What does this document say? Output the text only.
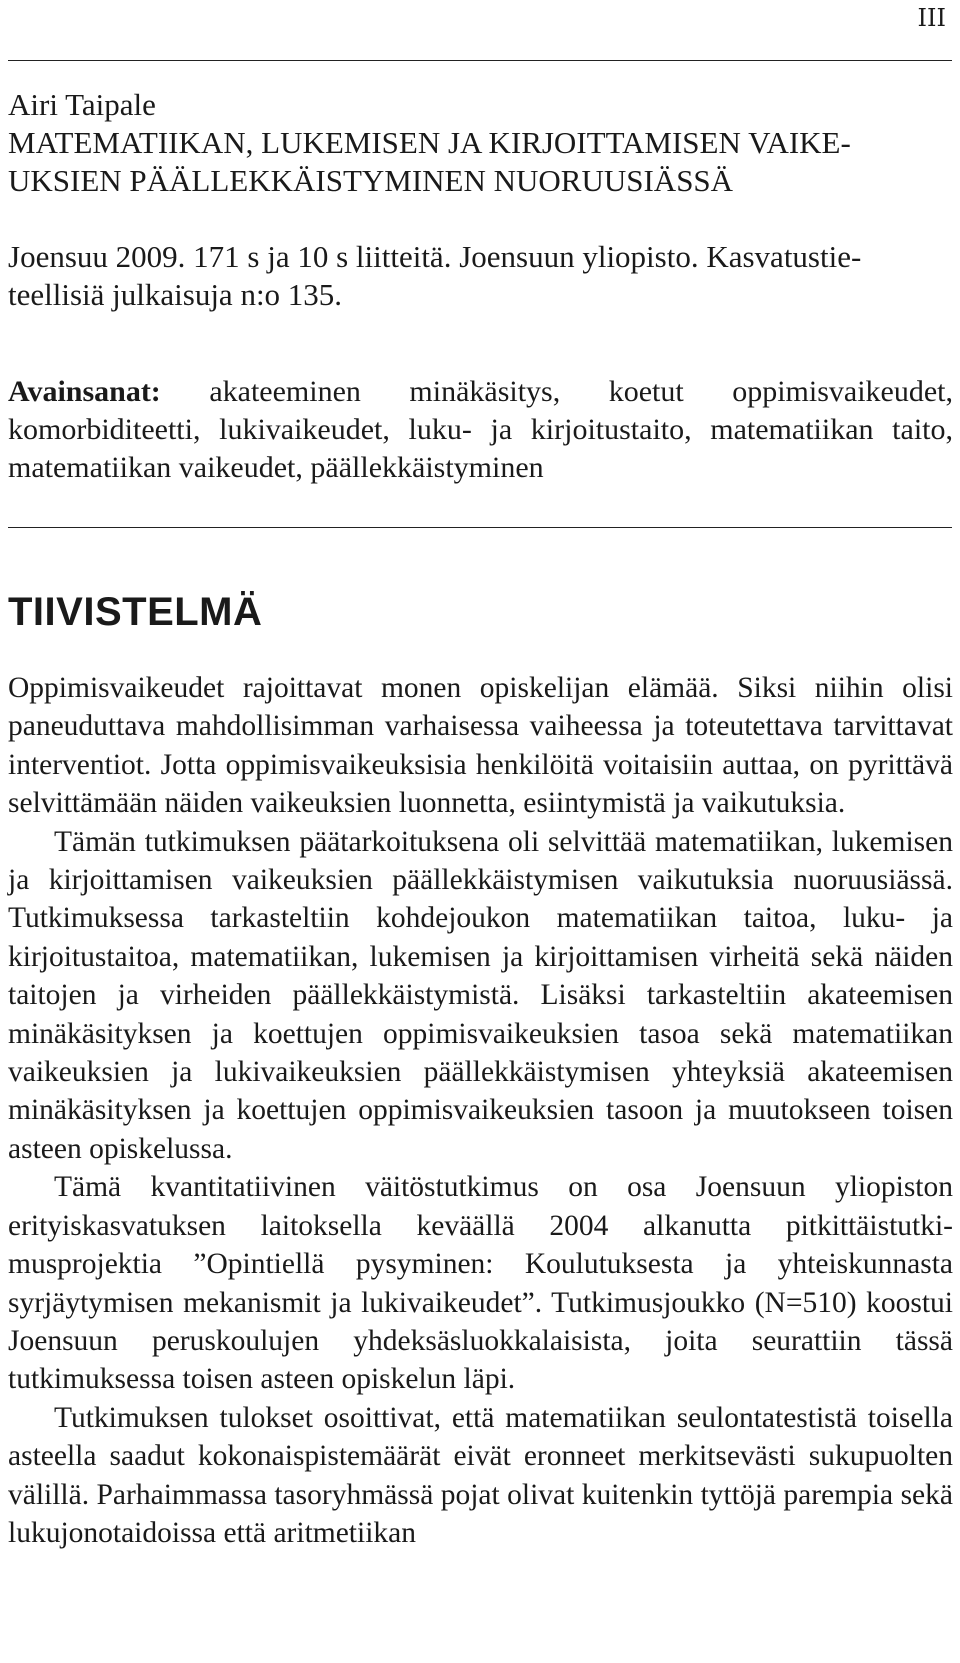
III
Airi Taipale
MATEMATIIKAN, LUKEMISEN JA KIRJOITTAMISEN VAIKE-
UKSIEN PÄÄLLEKKÄISTYMINEN NUORUUSIÄSSÄ
Joensuu 2009. 171 s ja 10 s liitteitä. Joensuun yliopisto. Kasvatustie-
teellisiä julkaisuja n:o 135.
Avainsanat: akateeminen minäkäsitys, koetut oppimisvaikeudet, komorbiditeetti, lukivaikeudet, luku- ja kirjoitustaito, matematiikan taito, matematiikan vaikeudet, päällekkäistyminen
TIIVISTELMÄ

Oppimisvaikeudet rajoittavat monen opiskelijan elämää. Siksi niihin olisi paneuduttava mahdollisimman varhaisessa vaiheessa ja toteutettava tarvittavat interventiot. Jotta oppimisvaikeuksisia henkilöitä voitaisiin auttaa, on pyrittävä selvittämään näiden vaikeuksien luonnetta, esiintymistä ja vaikutuksia.

Tämän tutkimuksen päätarkoituksena oli selvittää matematiikan, lukemisen ja kirjoittamisen vaikeuksien päällekkäistymisen vaikutuksia nuoruusiässä. Tutkimuksessa tarkasteltiin kohdejoukon matematiikan taitoa, luku- ja kirjoitustaitoa, matematiikan, lukemisen ja kirjoittamisen virheitä sekä näiden taitojen ja virheiden päällekkäistymistä. Lisäksi tarkasteltiin akateemisen minäkäsityksen ja koettujen oppimisvaikeuksien tasoa sekä matematiikan vaikeuksien ja lukivaikeuksien päällekkäistymisen yhteyksiä akateemisen minäkäsityksen ja koettujen oppimisvaikeuksien tasoon ja muutokseen toisen asteen opiskelussa.

Tämä kvantitatiivinen väitöstutkimus on osa Joensuun yliopiston erityiskasvatuksen laitoksella keväällä 2004 alkanutta pitkittäistutkimusprojektia ”Opintiellä pysyminen: Koulutuksesta ja yhteiskunnasta syrjäytymisen mekanismit ja lukivaikeudet”. Tutkimusjoukko (N=510) koostui Joensuun peruskoulujen yhdeksäsluokkalaisista, joita seurattiin tässä tutkimuksessa toisen asteen opiskelun läpi.

Tutkimuksen tulokset osoittivat, että matematiikan seulontatestistä toisella asteella saadut kokonaispistemäärät eivät eronneet merkitsevästi sukupuolten välillä. Parhaimmassa tasoryhmässä pojat olivat kuitenkin tyttöjä parempia sekä lukujonotaidoissa että aritmetiikan
